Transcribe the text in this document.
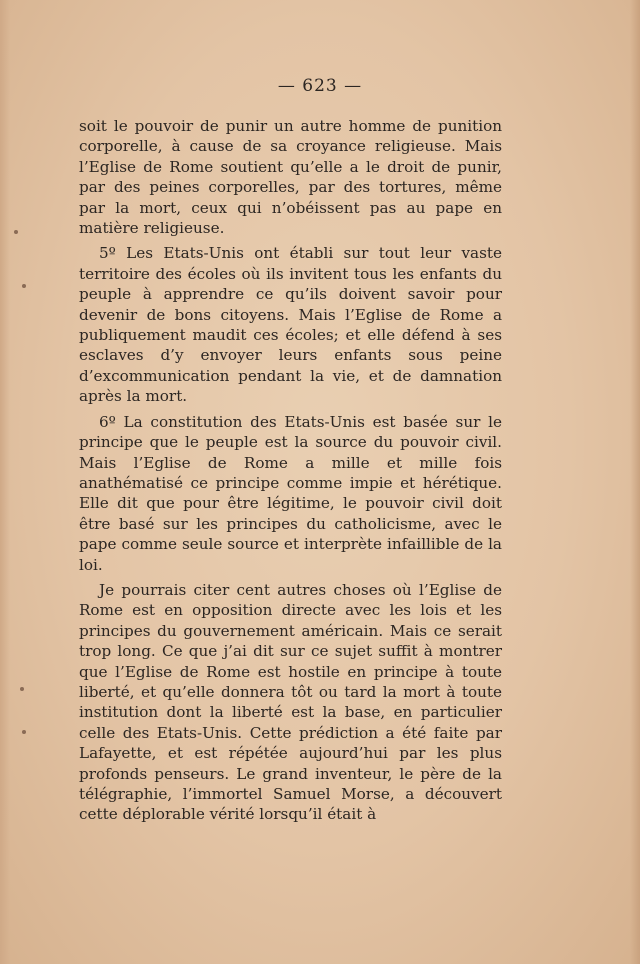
— 623 —

soit le pouvoir de punir un autre homme de punition corporelle, à cause de sa croyance religieuse. Mais l’Eglise de Rome soutient qu’elle a le droit de punir, par des peines corporelles, par des tortures, même par la mort, ceux qui n’obéissent pas au pape en matière religieuse.

5º Les Etats-Unis ont établi sur tout leur vaste territoire des écoles où ils invitent tous les enfants du peuple à apprendre ce qu’ils doivent savoir pour devenir de bons citoyens. Mais l’Eglise de Rome a publiquement maudit ces écoles; et elle défend à ses esclaves d’y envoyer leurs enfants sous peine d’excommunication pendant la vie, et de damnation après la mort.

6º La constitution des Etats-Unis est basée sur le principe que le peuple est la source du pouvoir civil. Mais l’Eglise de Rome a mille et mille fois anathématisé ce principe comme impie et hérétique. Elle dit que pour être légitime, le pouvoir civil doit être basé sur les principes du catholicisme, avec le pape comme seule source et interprète infaillible de la loi.

Je pourrais citer cent autres choses où l’Eglise de Rome est en opposition directe avec les lois et les principes du gouvernement américain. Mais ce serait trop long. Ce que j’ai dit sur ce sujet suffit à montrer que l’Eglise de Rome est hostile en principe à toute liberté, et qu’elle donnera tôt ou tard la mort à toute institution dont la liberté est la base, en particulier celle des Etats-Unis. Cette prédiction a été faite par Lafayette, et est répétée aujourd’hui par les plus profonds penseurs. Le grand inventeur, le père de la télégraphie, l’immortel Samuel Morse, a découvert cette déplorable vérité lorsqu’il était à
